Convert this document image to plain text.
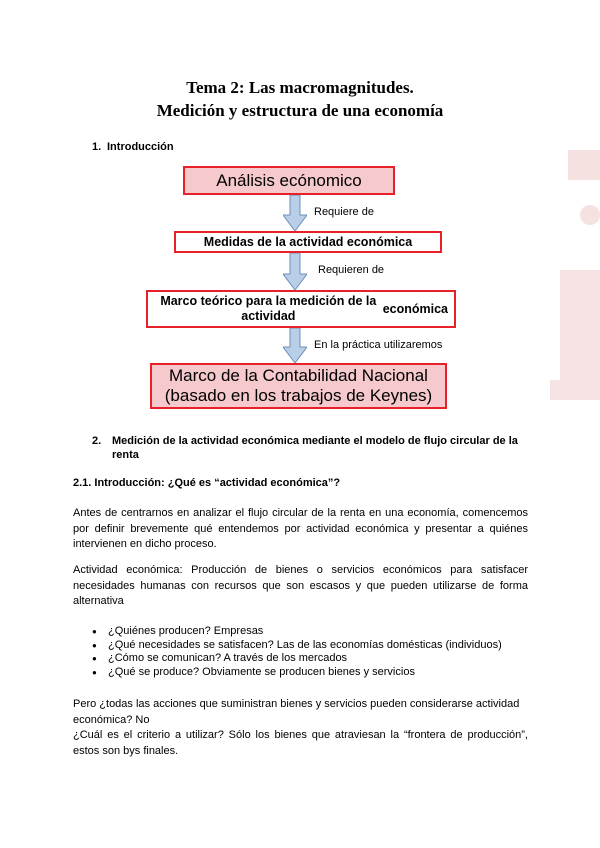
Tema 2: Las macromagnitudes.
Medición y estructura de una economía
1. Introducción
Análisis ecónomico
Requiere de
Medidas de la actividad económica
Requieren de
Marco teórico para la medición de la actividad
económica
En la práctica utilizaremos
Marco de la Contabilidad Nacional
(basado en los trabajos de Keynes)
2. Medición de la actividad económica mediante el modelo de flujo circular de la
renta
2.1. Introducción: ¿Qué es “actividad económica”?

Antes de centrarnos en analizar el flujo circular de la renta en una economía, comencemos por definir brevemente qué entendemos por actividad económica y presentar a quiénes intervienen en dicho proceso.

Actividad económica: Producción de bienes o servicios económicos para satisfacer necesidades humanas con recursos que son escasos y que pueden utilizarse de forma alternativa

● ¿Quiénes producen? Empresas
● ¿Qué necesidades se satisfacen? Las de las economías domésticas (individuos)
● ¿Cómo se comunican? A través de los mercados
● ¿Qué se produce? Obviamente se producen bienes y servicios
Pero ¿todas las acciones que suministran bienes y servicios pueden considerarse actividad
económica? No

¿Cuál es el criterio a utilizar? Sólo los bienes que atraviesan la “frontera de producción”, estos son bys finales.
